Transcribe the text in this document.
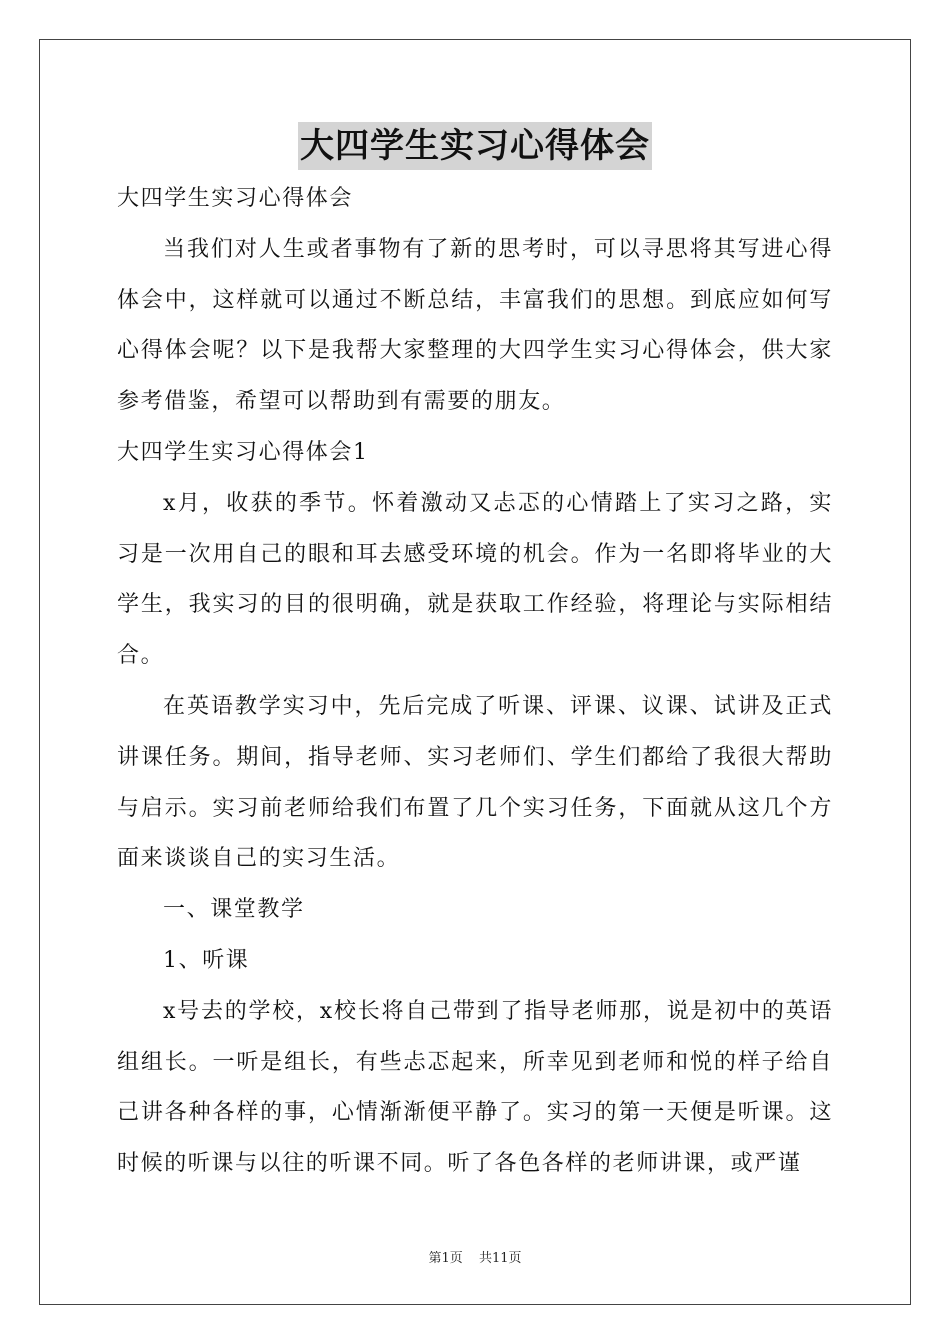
大四学生实习心得体会

大四学生实习心得体会

当我们对人生或者事物有了新的思考时，可以寻思将其写进心得体会中，这样就可以通过不断总结，丰富我们的思想。到底应如何写心得体会呢？以下是我帮大家整理的大四学生实习心得体会，供大家参考借鉴，希望可以帮助到有需要的朋友。

大四学生实习心得体会1

x月，收获的季节。怀着激动又忐忑的心情踏上了实习之路，实习是一次用自己的眼和耳去感受环境的机会。作为一名即将毕业的大学生，我实习的目的很明确，就是获取工作经验，将理论与实际相结合。

在英语教学实习中，先后完成了听课、评课、议课、试讲及正式讲课任务。期间，指导老师、实习老师们、学生们都给了我很大帮助与启示。实习前老师给我们布置了几个实习任务，下面就从这几个方面来谈谈自己的实习生活。

一、课堂教学

1、听课

x号去的学校，x校长将自己带到了指导老师那，说是初中的英语组组长。一听是组长，有些忐忑起来，所幸见到老师和悦的样子给自己讲各种各样的事，心情渐渐便平静了。实习的第一天便是听课。这时候的听课与以往的听课不同。听了各色各样的老师讲课，或严谨

第1页 共11页
